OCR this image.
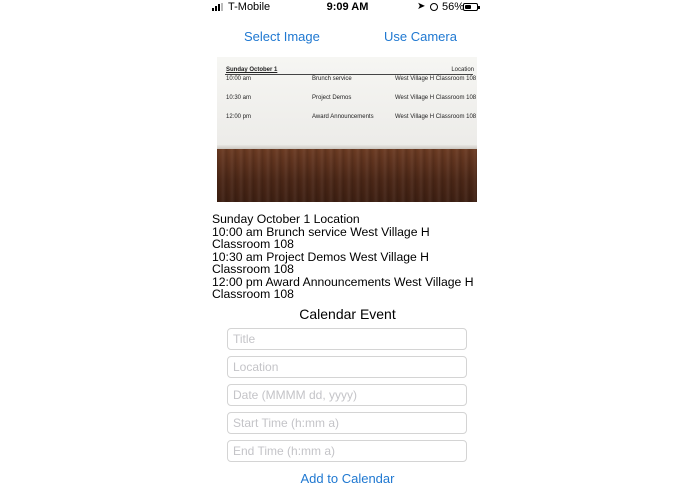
T-Mobile	9:09 AM	➤ 56%
Select Image	Use Camera
Sunday October 1	Location
10:00 am	Brunch service	West Village H Classroom 108
10:30 am	Project Demos	West Village H Classroom 108
12:00 pm	Award Announcements	West Village H Classroom 108
Sunday October 1 Location
10:00 am Brunch service West Village H Classroom 108
10:30 am Project Demos West Village H Classroom 108
12:00 pm Award Announcements West Village H Classroom 108
Calendar Event
Title
Location
Date (MMMM dd, yyyy)
Start Time (h:mm a)
End Time (h:mm a)
Add to Calendar
